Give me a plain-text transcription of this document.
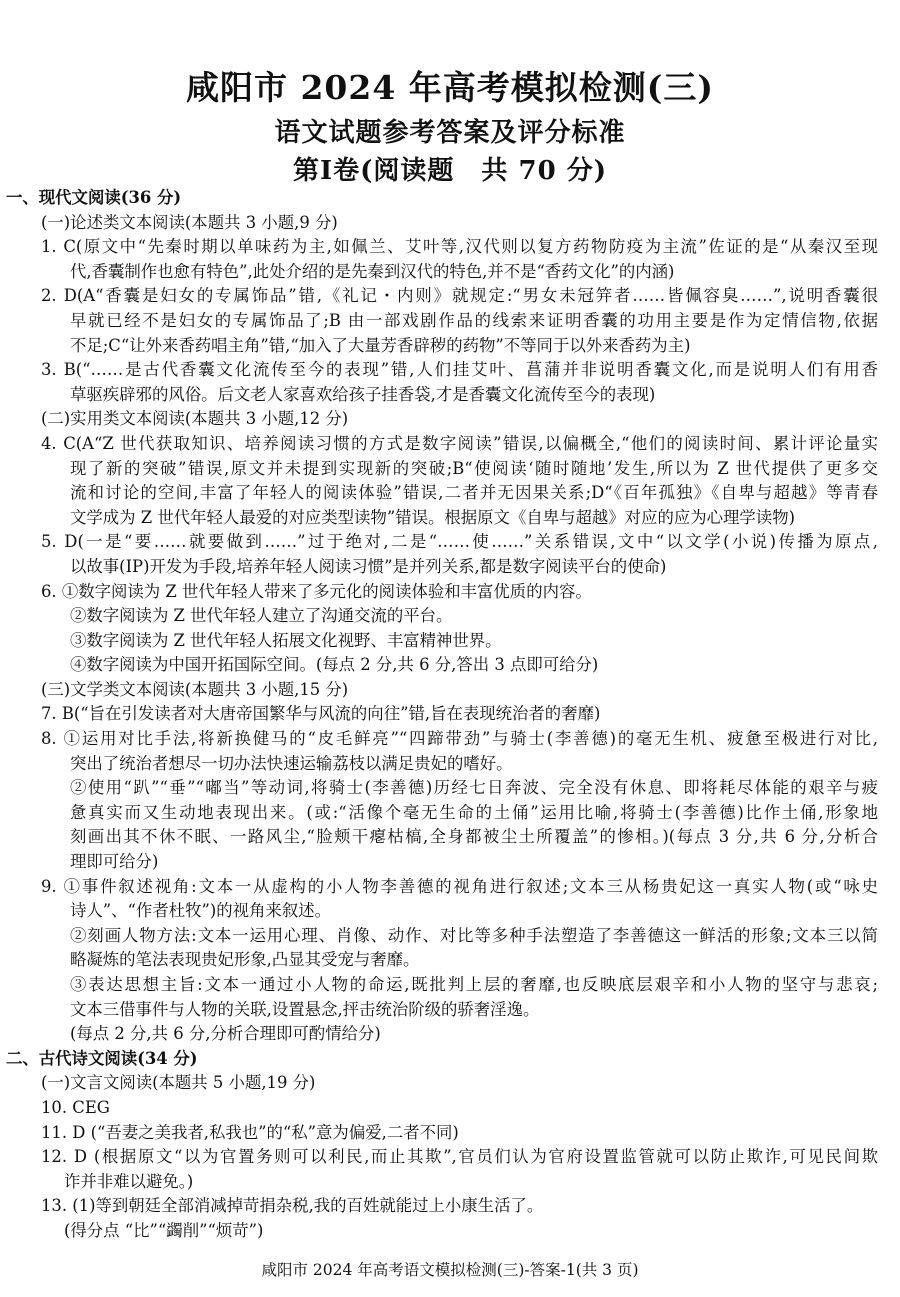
咸阳市 2024 年高考模拟检测(三)
语文试题参考答案及评分标准
第Ⅰ卷(阅读题　共 70 分)
一、现代文阅读(36 分)
(一)论述类文本阅读(本题共 3 小题,9 分)
1. C(原文中“先秦时期以单味药为主,如佩兰、艾叶等,汉代则以复方药物防疫为主流”佐证的是“从秦汉至现
代,香囊制作也愈有特色”,此处介绍的是先秦到汉代的特色,并不是“香药文化”的内涵)
2. D(A“香囊是妇女的专属饰品”错,《礼记・内则》就规定:“男女未冠笄者……皆佩容臭……”,说明香囊很
早就已经不是妇女的专属饰品了;B 由一部戏剧作品的线索来证明香囊的功用主要是作为定情信物,依据
不足;C“让外来香药唱主角”错,“加入了大量芳香辟秽的药物”不等同于以外来香药为主)
3. B(“……是古代香囊文化流传至今的表现”错,人们挂艾叶、菖蒲并非说明香囊文化,而是说明人们有用香
草驱疾辟邪的风俗。后文老人家喜欢给孩子挂香袋,才是香囊文化流传至今的表现)
(二)实用类文本阅读(本题共 3 小题,12 分)
4. C(A“Z 世代获取知识、培养阅读习惯的方式是数字阅读”错误,以偏概全,“他们的阅读时间、累计评论量实
现了新的突破”错误,原文并未提到实现新的突破;B“使阅读‘随时随地’发生,所以为 Z 世代提供了更多交
流和讨论的空间,丰富了年轻人的阅读体验”错误,二者并无因果关系;D“《百年孤独》《自卑与超越》等青春
文学成为 Z 世代年轻人最爱的对应类型读物”错误。根据原文《自卑与超越》对应的应为心理学读物)
5. D(一是“要……就要做到……”过于绝对,二是“……使……”关系错误,文中“以文学(小说)传播为原点,
以故事(IP)开发为手段,培养年轻人阅读习惯”是并列关系,都是数字阅读平台的使命)
6. ①数字阅读为 Z 世代年轻人带来了多元化的阅读体验和丰富优质的内容。
②数字阅读为 Z 世代年轻人建立了沟通交流的平台。
③数字阅读为 Z 世代年轻人拓展文化视野、丰富精神世界。
④数字阅读为中国开拓国际空间。(每点 2 分,共 6 分,答出 3 点即可给分)
(三)文学类文本阅读(本题共 3 小题,15 分)
7. B(“旨在引发读者对大唐帝国繁华与风流的向往”错,旨在表现统治者的奢靡)
8. ①运用对比手法,将新换健马的“皮毛鲜亮”“四蹄带劲”与骑士(李善德)的毫无生机、疲惫至极进行对比,
突出了统治者想尽一切办法快速运输荔枝以满足贵妃的嗜好。
②使用“趴”“垂”“嘟当”等动词,将骑士(李善德)历经七日奔波、完全没有休息、即将耗尽体能的艰辛与疲
惫真实而又生动地表现出来。(或:“活像个毫无生命的土俑”运用比喻,将骑士(李善德)比作土俑,形象地
刻画出其不休不眠、一路风尘,“脸颊干瘪枯槁,全身都被尘土所覆盖”的惨相。)(每点 3 分,共 6 分,分析合
理即可给分)
9. ①事件叙述视角:文本一从虚构的小人物李善德的视角进行叙述;文本三从杨贵妃这一真实人物(或“咏史
诗人”、“作者杜牧”)的视角来叙述。
②刻画人物方法:文本一运用心理、肖像、动作、对比等多种手法塑造了李善德这一鲜活的形象;文本三以简
略凝炼的笔法表现贵妃形象,凸显其受宠与奢靡。
③表达思想主旨:文本一通过小人物的命运,既批判上层的奢靡,也反映底层艰辛和小人物的坚守与悲哀;
文本三借事件与人物的关联,设置悬念,抨击统治阶级的骄奢淫逸。
(每点 2 分,共 6 分,分析合理即可酌情给分)
二、古代诗文阅读(34 分)
(一)文言文阅读(本题共 5 小题,19 分)
10. CEG
11. D (“吾妻之美我者,私我也”的“私”意为偏爱,二者不同)
12. D (根据原文“以为官置务则可以利民,而止其欺”,官员们认为官府设置监管就可以防止欺诈,可见民间欺
诈并非难以避免。)
13. (1)等到朝廷全部消减掉苛捐杂税,我的百姓就能过上小康生活了。
(得分点 “比”“蠲削”“烦苛”)
咸阳市 2024 年高考语文模拟检测(三)-答案-1(共 3 页)
